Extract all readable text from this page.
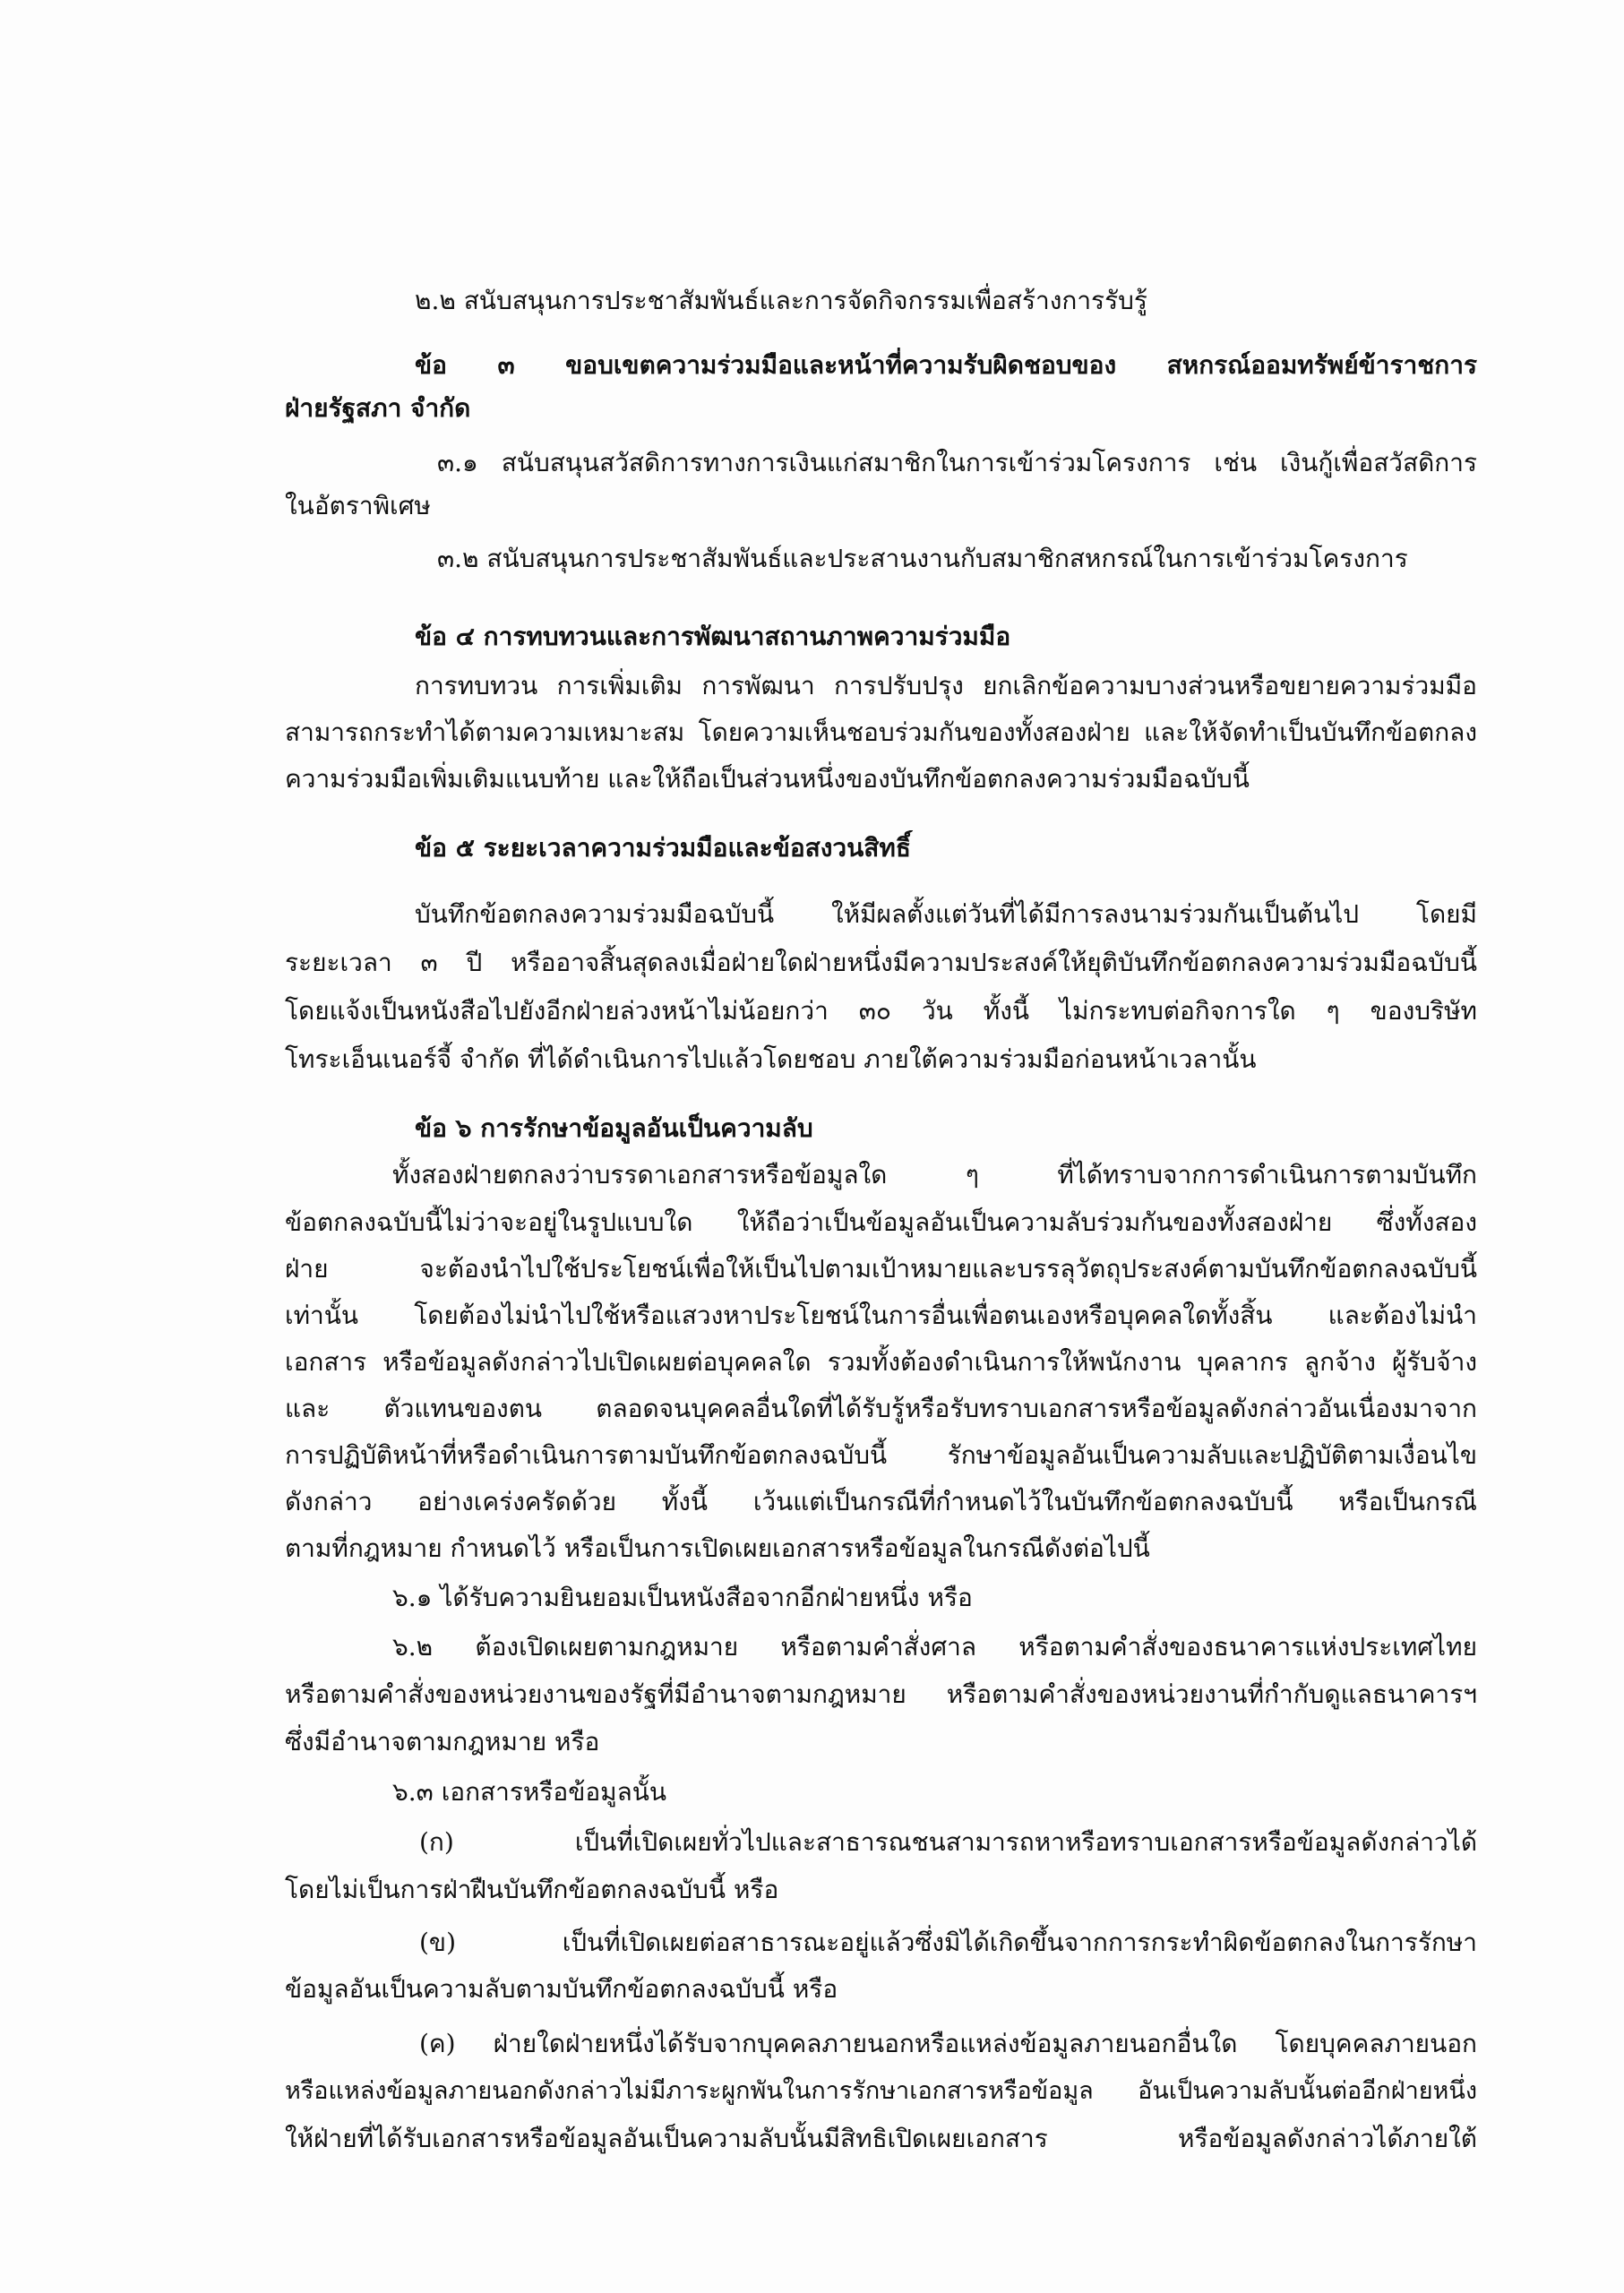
๒.๒ สนับสนุนการประชาสัมพันธ์และการจัดกิจกรรมเพื่อสร้างการรับรู้
ข้อ ๓ ขอบเขตความร่วมมือและหน้าที่ความรับผิดชอบของ สหกรณ์ออมทรัพย์ข้าราชการ
ฝ่ายรัฐสภา จำกัด
๓.๑ สนับสนุนสวัสดิการทางการเงินแก่สมาชิกในการเข้าร่วมโครงการ เช่น เงินกู้เพื่อสวัสดิการ
ในอัตราพิเศษ
๓.๒ สนับสนุนการประชาสัมพันธ์และประสานงานกับสมาชิกสหกรณ์ในการเข้าร่วมโครงการ
ข้อ ๔ การทบทวนและการพัฒนาสถานภาพความร่วมมือ
การทบทวน การเพิ่มเติม การพัฒนา การปรับปรุง ยกเลิกข้อความบางส่วนหรือขยายความร่วมมือ
สามารถกระทำได้ตามความเหมาะสม โดยความเห็นชอบร่วมกันของทั้งสองฝ่าย และให้จัดทำเป็นบันทึกข้อตกลง
ความร่วมมือเพิ่มเติมแนบท้าย และให้ถือเป็นส่วนหนึ่งของบันทึกข้อตกลงความร่วมมือฉบับนี้
ข้อ ๕ ระยะเวลาความร่วมมือและข้อสงวนสิทธิ์
บันทึกข้อตกลงความร่วมมือฉบับนี้ ให้มีผลตั้งแต่วันที่ได้มีการลงนามร่วมกันเป็นต้นไป โดยมี
ระยะเวลา ๓ ปี หรืออาจสิ้นสุดลงเมื่อฝ่ายใดฝ่ายหนึ่งมีความประสงค์ให้ยุติบันทึกข้อตกลงความร่วมมือฉบับนี้
โดยแจ้งเป็นหนังสือไปยังอีกฝ่ายล่วงหน้าไม่น้อยกว่า ๓๐ วัน ทั้งนี้ ไม่กระทบต่อกิจการใด ๆ ของบริษัท
โทระเอ็นเนอร์จี้ จำกัด ที่ได้ดำเนินการไปแล้วโดยชอบ ภายใต้ความร่วมมือก่อนหน้าเวลานั้น
ข้อ ๖ การรักษาข้อมูลอันเป็นความลับ
ทั้งสองฝ่ายตกลงว่าบรรดาเอกสารหรือข้อมูลใด ๆ ที่ได้ทราบจากการดำเนินการตามบันทึก
ข้อตกลงฉบับนี้ไม่ว่าจะอยู่ในรูปแบบใด ให้ถือว่าเป็นข้อมูลอันเป็นความลับร่วมกันของทั้งสองฝ่าย ซึ่งทั้งสอง
ฝ่าย จะต้องนำไปใช้ประโยชน์เพื่อให้เป็นไปตามเป้าหมายและบรรลุวัตถุประสงค์ตามบันทึกข้อตกลงฉบับนี้
เท่านั้น โดยต้องไม่นำไปใช้หรือแสวงหาประโยชน์ในการอื่นเพื่อตนเองหรือบุคคลใดทั้งสิ้น และต้องไม่นำ
เอกสาร หรือข้อมูลดังกล่าวไปเปิดเผยต่อบุคคลใด รวมทั้งต้องดำเนินการให้พนักงาน บุคลากร ลูกจ้าง ผู้รับจ้าง
และ ตัวแทนของตน ตลอดจนบุคคลอื่นใดที่ได้รับรู้หรือรับทราบเอกสารหรือข้อมูลดังกล่าวอันเนื่องมาจาก
การปฏิบัติหน้าที่หรือดำเนินการตามบันทึกข้อตกลงฉบับนี้ รักษาข้อมูลอันเป็นความลับและปฏิบัติตามเงื่อนไข
ดังกล่าว อย่างเคร่งครัดด้วย ทั้งนี้ เว้นแต่เป็นกรณีที่กำหนดไว้ในบันทึกข้อตกลงฉบับนี้ หรือเป็นกรณี
ตามที่กฎหมาย กำหนดไว้ หรือเป็นการเปิดเผยเอกสารหรือข้อมูลในกรณีดังต่อไปนี้
๖.๑ ได้รับความยินยอมเป็นหนังสือจากอีกฝ่ายหนึ่ง หรือ
๖.๒ ต้องเปิดเผยตามกฎหมาย หรือตามคำสั่งศาล หรือตามคำสั่งของธนาคารแห่งประเทศไทย
หรือตามคำสั่งของหน่วยงานของรัฐที่มีอำนาจตามกฎหมาย หรือตามคำสั่งของหน่วยงานที่กำกับดูแลธนาคารฯ
ซึ่งมีอำนาจตามกฎหมาย หรือ
๖.๓ เอกสารหรือข้อมูลนั้น
(ก) เป็นที่เปิดเผยทั่วไปและสาธารณชนสามารถหาหรือทราบเอกสารหรือข้อมูลดังกล่าวได้
โดยไม่เป็นการฝ่าฝืนบันทึกข้อตกลงฉบับนี้ หรือ
(ข) เป็นที่เปิดเผยต่อสาธารณะอยู่แล้วซึ่งมิได้เกิดขึ้นจากการกระทำผิดข้อตกลงในการรักษา
ข้อมูลอันเป็นความลับตามบันทึกข้อตกลงฉบับนี้ หรือ
(ค) ฝ่ายใดฝ่ายหนึ่งได้รับจากบุคคลภายนอกหรือแหล่งข้อมูลภายนอกอื่นใด โดยบุคคลภายนอก
หรือแหล่งข้อมูลภายนอกดังกล่าวไม่มีภาระผูกพันในการรักษาเอกสารหรือข้อมูล อันเป็นความลับนั้นต่ออีกฝ่ายหนึ่ง
ให้ฝ่ายที่ได้รับเอกสารหรือข้อมูลอันเป็นความลับนั้นมีสิทธิเปิดเผยเอกสาร หรือข้อมูลดังกล่าวได้ภายใต้
